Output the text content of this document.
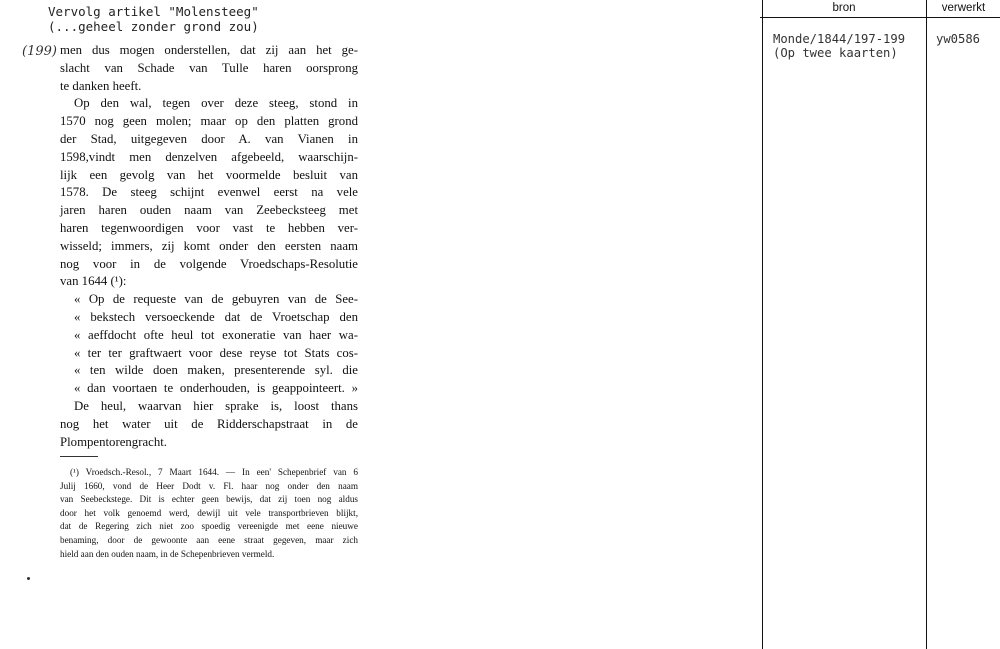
Vervolg artikel "Molensteeg"
(...geheel zonder grond zou)
(199) men dus mogen onderstellen, dat zij aan het ge-
slacht van Schade van Tulle haren oorsprong
te danken heeft.

Op den wal, tegen over deze steeg, stond in
1570 nog geen molen; maar op den platten grond
der Stad, uitgegeven door A. van Vianen in
1598,vindt men denzelven afgebeeld, waarschijn-
lijk een gevolg van het voormelde besluit van
1578. De steeg schijnt evenwel eerst na vele
jaren haren ouden naam van Zeebecksteeg met
haren tegenwoordigen voor vast te hebben ver-
wisseld; immers, zij komt onder den eersten naam
nog voor in de volgende Vroedschaps-Resolutie
van 1644 (¹):

« Op de requeste van de gebuyren van de See-
« bekstech versoeckende dat de Vroetschap den
« aeffdocht ofte heul tot exoneratie van haer wa-
« ter ter graftwaert voor dese reyse tot Stats cos-
« ten wilde doen maken, presenterende syl. die
« dan voortaen te onderhouden, is geappointeert. »

De heul, waarvan hier sprake is, loost thans
nog het water uit de Ridderschapstraat in de
Plompentorengracht.

(¹) Vroedsch.-Resol., 7 Maart 1644. — In een' Schepenbrief van 6
Julij 1660, vond de Heer Dodt v. Fl. haar nog onder den naam
van Seebeckstege. Dit is echter geen bewijs, dat zij toen nog aldus
door het volk genoemd werd, dewijl uit vele transportbrieven blijkt,
dat de Regering zich niet zoo spoedig vereenigde met eene nieuwe
benaming, door de gewoonte aan eene straat gegeven, maar zich
hield aan den ouden naam, in de Schepenbrieven vermeld.
bron	verwerkt
Monde/1844/197-199
(Op twee kaarten)
yw0586
